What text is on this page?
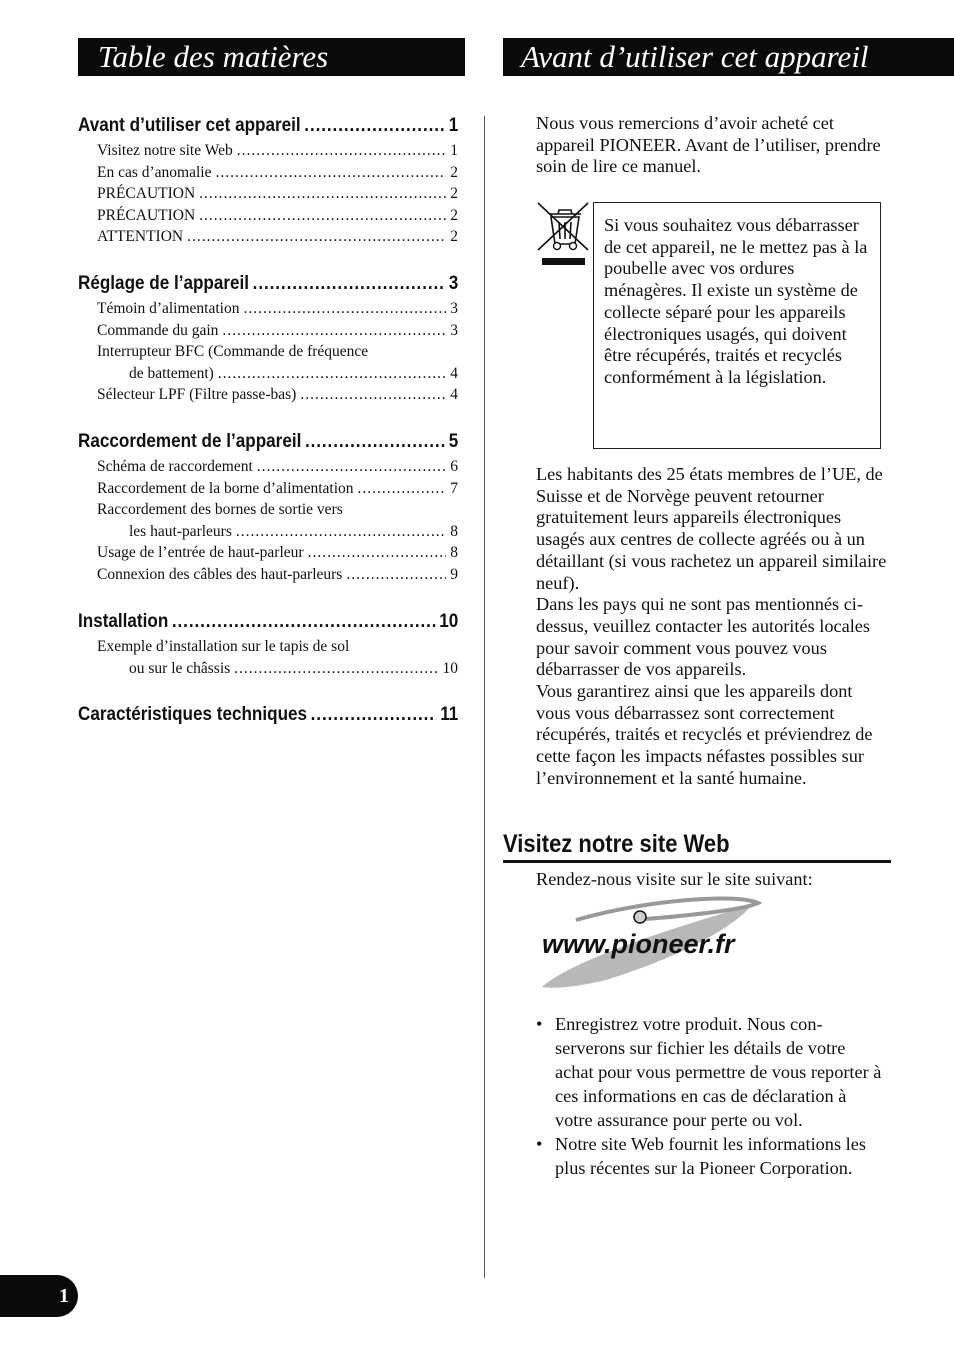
Table des matières	Avant d’utiliser cet appareil
Avant d’utiliser cet appareil .....	1
Visitez notre site Web .....	1
En cas d’anomalie .....	2
PRÉCAUTION .....	2
PRÉCAUTION .....	2
ATTENTION .....	2
Réglage de l’appareil .....	3
Témoin d’alimentation .....	3
Commande du gain .....	3
Interrupteur BFC (Commande de fréquence
de battement) .....	4
Sélecteur LPF (Filtre passe-bas) .....	4
Raccordement de l’appareil .....	5
Schéma de raccordement .....	6
Raccordement de la borne d’alimentation .....	7
Raccordement des bornes de sortie vers
les haut-parleurs .....	8
Usage de l’entrée de haut-parleur .....	8
Connexion des câbles des haut-parleurs .....	9
Installation .....	10
Exemple d’installation sur le tapis de sol
ou sur le châssis .....	10
Caractéristiques techniques .....	11
Nous vous remercions d’avoir acheté cet appareil PIONEER. Avant de l’utiliser, prendre soin de lire ce manuel.
Si vous souhaitez vous débarrasser de cet appareil, ne le mettez pas à la poubelle avec vos ordures ménagères. Il existe un système de collecte séparé pour les appareils électroniques usagés, qui doivent être récupérés, traités et recyclés conformément à la législation.
Les habitants des 25 états membres de l’UE, de Suisse et de Norvège peuvent retourner gratuitement leurs appareils électroniques usagés aux centres de collecte agréés ou à un détaillant (si vous rachetez un appareil similaire neuf).
Dans les pays qui ne sont pas mentionnés ci-dessus, veuillez contacter les autorités locales pour savoir comment vous pouvez vous débarrasser de vos appareils.
Vous garantirez ainsi que les appareils dont vous vous débarrassez sont correctement récupérés, traités et recyclés et préviendrez de cette façon les impacts néfastes possibles sur l’environnement et la santé humaine.
Visitez notre site Web
Rendez-nous visite sur le site suivant:
www.pioneer.fr
• Enregistrez votre produit. Nous con-serverons sur fichier les détails de votre achat pour vous permettre de vous reporter à ces informations en cas de déclaration à votre assurance pour perte ou vol.
• Notre site Web fournit les informations les plus récentes sur la Pioneer Corporation.
1
